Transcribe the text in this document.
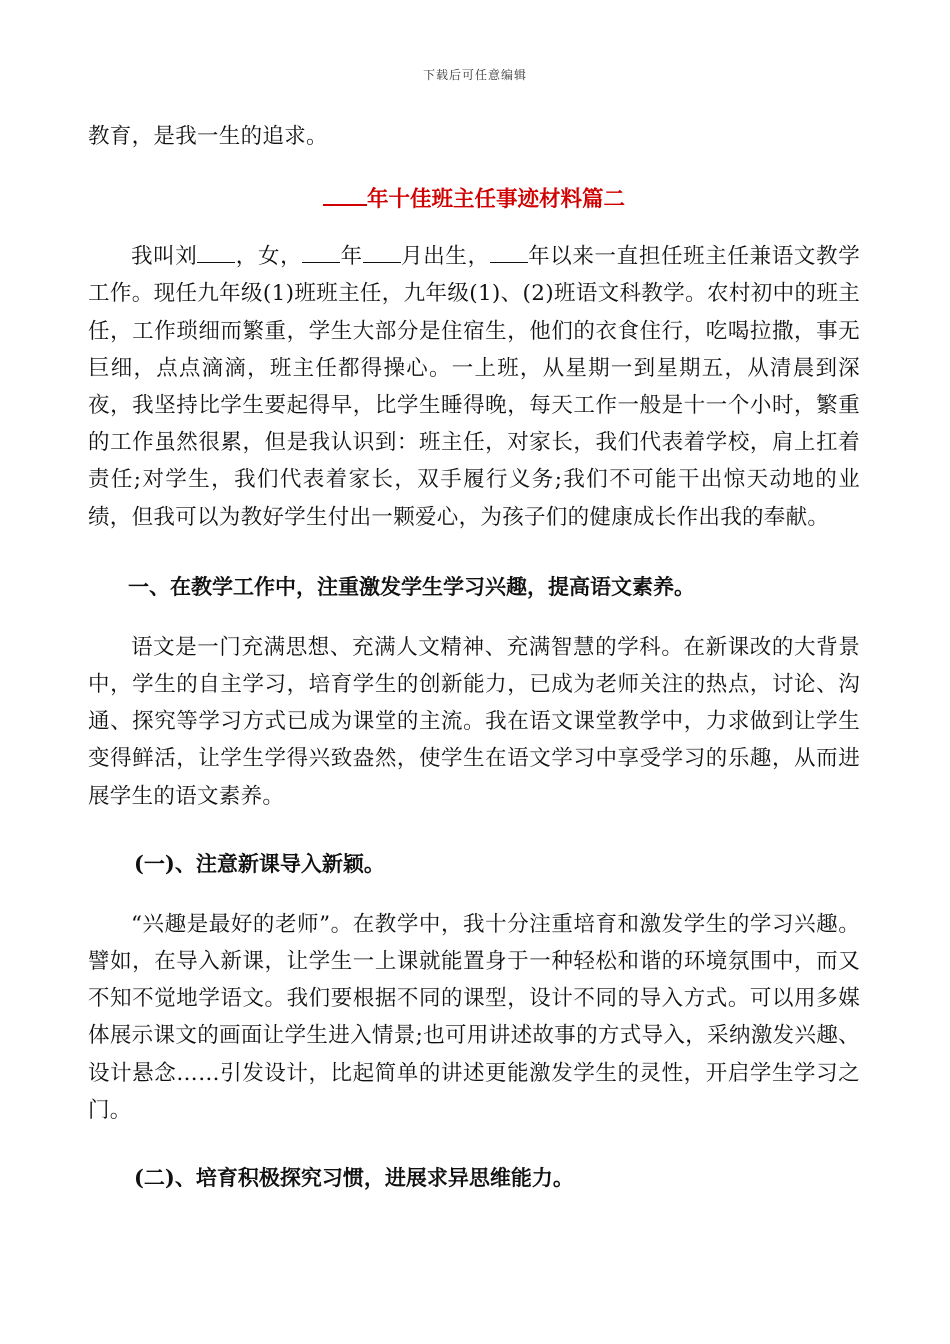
下载后可任意编辑

教育，是我一生的追求。

年十佳班主任事迹材料篇二

我叫刘 ，女， 年 月出生， 年以来一直担任班主任兼语文教学工作。现任九年级(1)班班主任，九年级(1)、(2)班语文科教学。农村初中的班主任，工作琐细而繁重，学生大部分是住宿生，他们的衣食住行，吃喝拉撒，事无巨细，点点滴滴，班主任都得操心。一上班，从星期一到星期五，从清晨到深夜，我坚持比学生要起得早，比学生睡得晚，每天工作一般是十一个小时，繁重的工作虽然很累，但是我认识到：班主任，对家长，我们代表着学校，肩上扛着责任;对学生，我们代表着家长，双手履行义务;我们不可能干出惊天动地的业绩，但我可以为教好学生付出一颗爱心，为孩子们的健康成长作出我的奉献。

一、在教学工作中，注重激发学生学习兴趣，提高语文素养。

语文是一门充满思想、充满人文精神、充满智慧的学科。在新课改的大背景中，学生的自主学习，培育学生的创新能力，已成为老师关注的热点，讨论、沟通、探究等学习方式已成为课堂的主流。我在语文课堂教学中，力求做到让学生变得鲜活，让学生学得兴致盎然，使学生在语文学习中享受学习的乐趣，从而进展学生的语文素养。

(一)、注意新课导入新颖。

“兴趣是最好的老师”。在教学中，我十分注重培育和激发学生的学习兴趣。譬如，在导入新课，让学生一上课就能置身于一种轻松和谐的环境氛围中，而又不知不觉地学语文。我们要根据不同的课型，设计不同的导入方式。可以用多媒体展示课文的画面让学生进入情景;也可用讲述故事的方式导入，采纳激发兴趣、设计悬念……引发设计，比起简单的讲述更能激发学生的灵性，开启学生学习之门。

(二)、培育积极探究习惯，进展求异思维能力。
